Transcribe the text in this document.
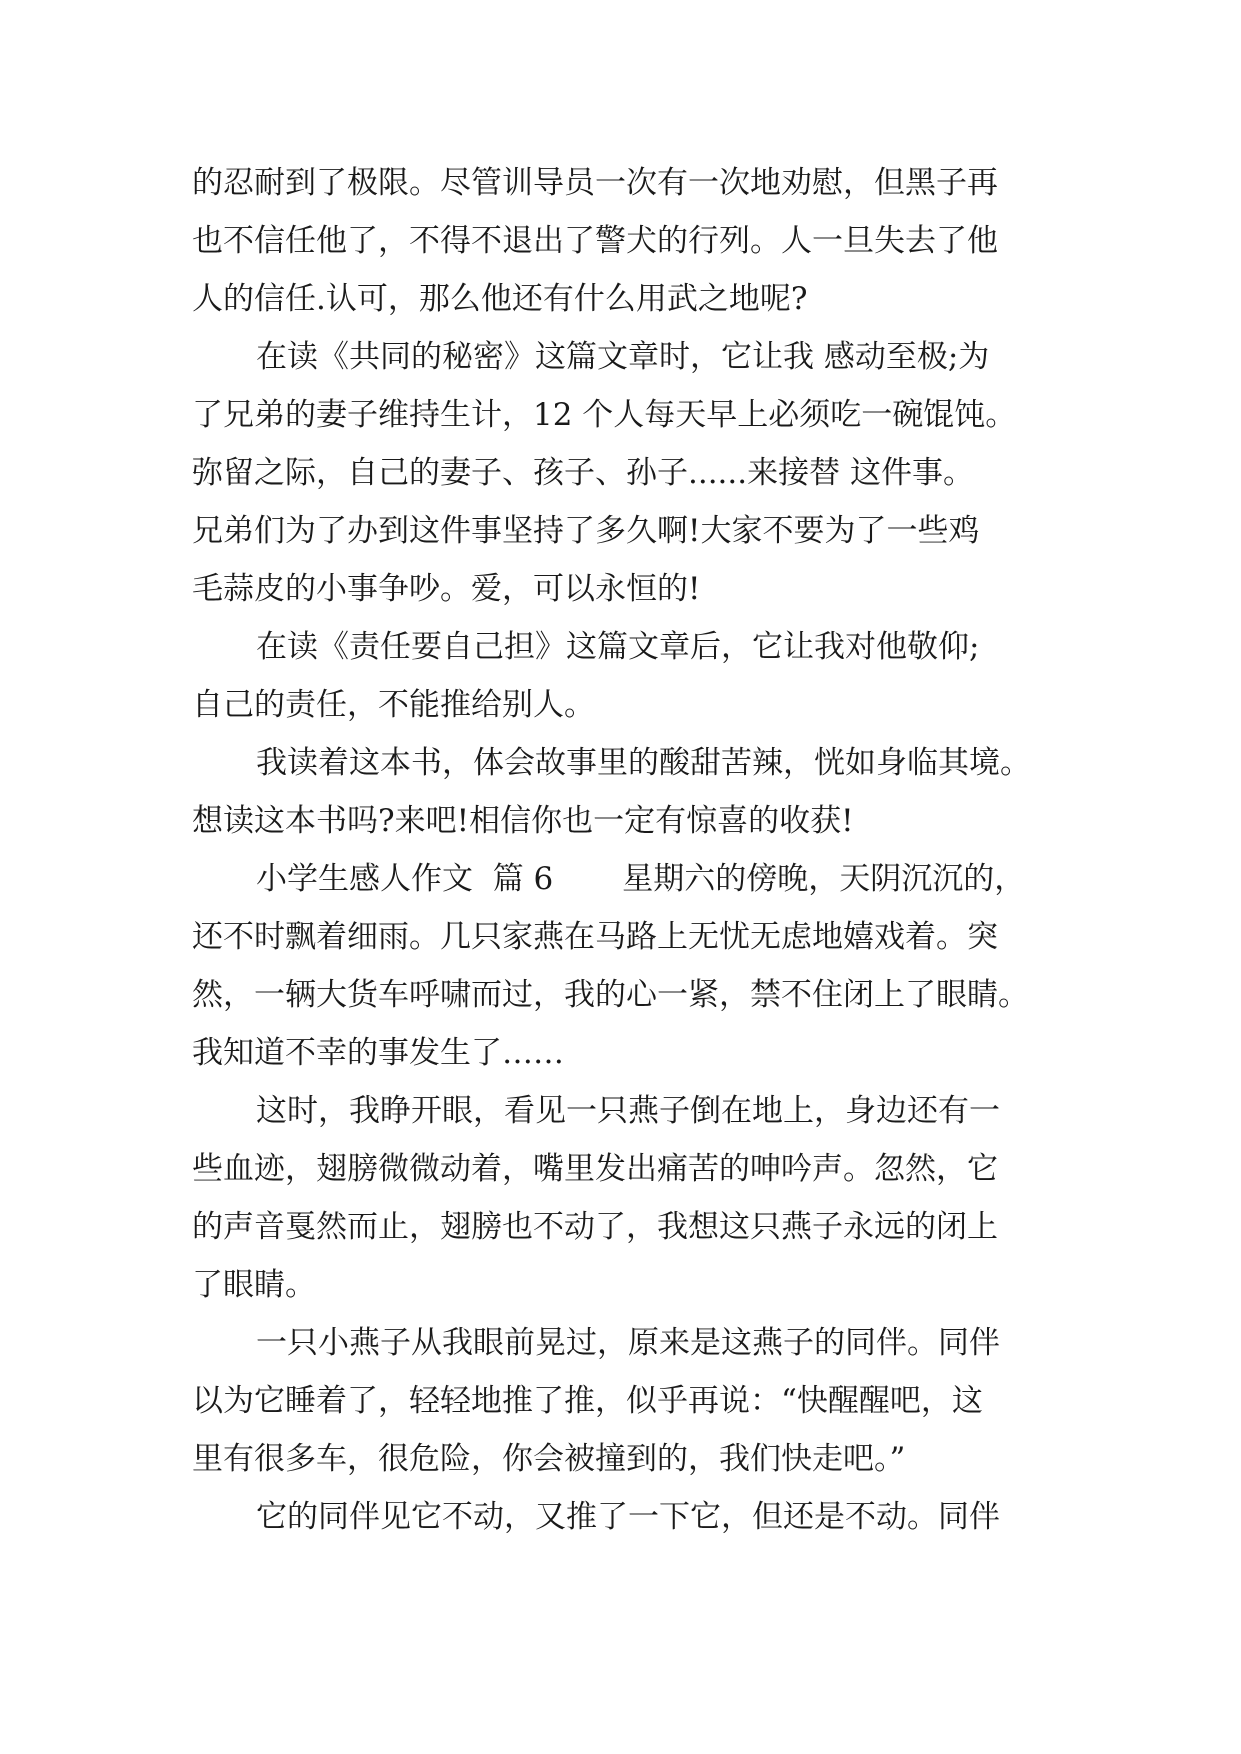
的忍耐到了极限。尽管训导员一次有一次地劝慰，但黑子再
也不信任他了，不得不退出了警犬的行列。人一旦失去了他
人的信任.认可，那么他还有什么用武之地呢?
在读《共同的秘密》这篇文章时，它让我 感动至极;为
了兄弟的妻子维持生计，12 个人每天早上必须吃一碗馄饨。
弥留之际，自己的妻子、孩子、孙子......来接替 这件事。
兄弟们为了办到这件事坚持了多久啊!大家不要为了一些鸡
毛蒜皮的小事争吵。爱，可以永恒的!
在读《责任要自己担》这篇文章后，它让我对他敬仰;
自己的责任，不能推给别人。
我读着这本书，体会故事里的酸甜苦辣，恍如身临其境。
想读这本书吗?来吧!相信你也一定有惊喜的收获!
小学生感人作文  篇 6       星期六的傍晚，天阴沉沉的，
还不时飘着细雨。几只家燕在马路上无忧无虑地嬉戏着。突
然，一辆大货车呼啸而过，我的心一紧，禁不住闭上了眼睛。
我知道不幸的事发生了……
这时，我睁开眼，看见一只燕子倒在地上，身边还有一
些血迹，翅膀微微动着，嘴里发出痛苦的呻吟声。忽然，它
的声音戛然而止，翅膀也不动了，我想这只燕子永远的闭上
了眼睛。
一只小燕子从我眼前晃过，原来是这燕子的同伴。同伴
以为它睡着了，轻轻地推了推，似乎再说：“快醒醒吧，这
里有很多车，很危险，你会被撞到的，我们快走吧。”
它的同伴见它不动，又推了一下它，但还是不动。同伴
